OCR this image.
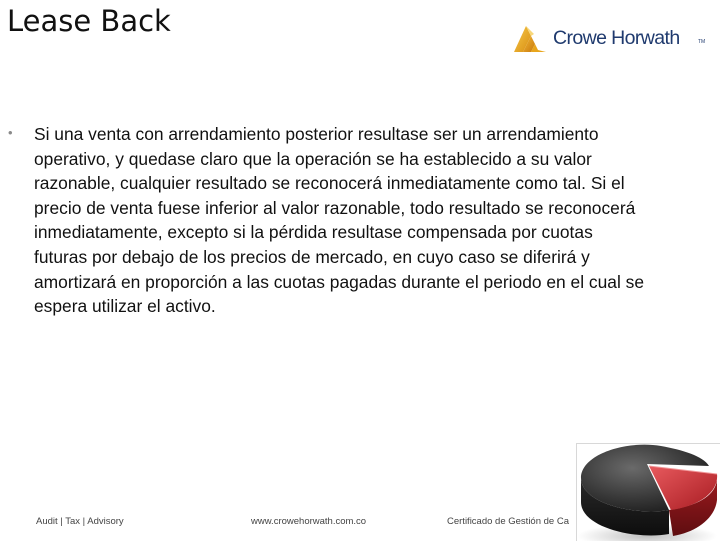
Lease Back	Crowe Horwath	TM
• Si una venta con arrendamiento posterior resultase ser un arrendamiento operativo, y quedase claro que la operación se ha establecido a su valor razonable, cualquier resultado se reconocerá inmediatamente como tal. Si el precio de venta fuese inferior al valor razonable, todo resultado se reconocerá inmediatamente, excepto si la pérdida resultase compensada por cuotas futuras por debajo de los precios de mercado, en cuyo caso se diferirá y amortizará en proporción a las cuotas pagadas durante el periodo en el cual se espera utilizar el activo.

Audit | Tax | Advisory	www.crowehorwath.com.co	Certificado de Gestión de Ca
